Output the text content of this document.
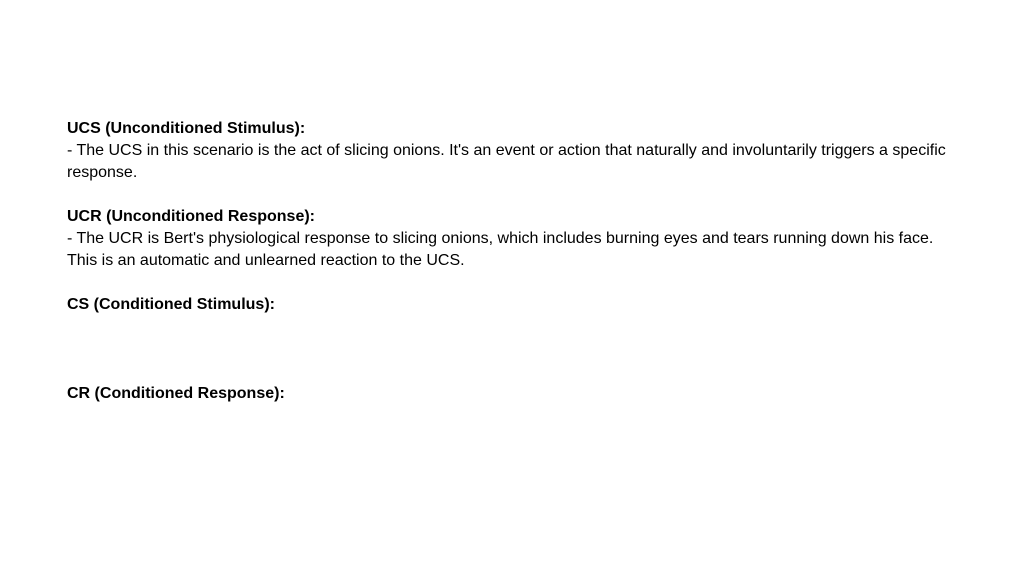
UCS (Unconditioned Stimulus):
- The UCS in this scenario is the act of slicing onions. It's an event or action that naturally and involuntarily triggers a specific response.
UCR (Unconditioned Response):
- The UCR is Bert's physiological response to slicing onions, which includes burning eyes and tears running down his face. This is an automatic and unlearned reaction to the UCS.
CS (Conditioned Stimulus):
CR (Conditioned Response):
